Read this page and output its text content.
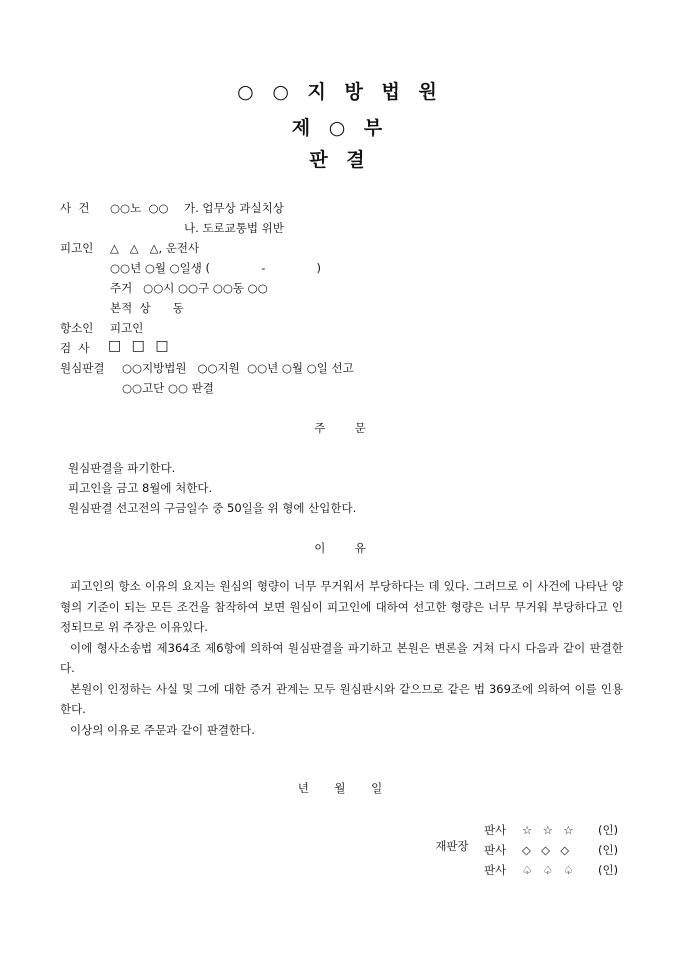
○ ○ 지 방 법 원
제 ○ 부
판 결
사  건 ○○노  ○○ 가. 업무상 과실치상
나. 도로교통법 위반
피고인 △   △   △, 운전사
○○년 ○월 ○일생 (              -              )
주거   ○○시 ○○구 ○○동 ○○
본적  상      동
항소인 피고인
검  사 □ □ □
원심판결 ○○지방법원   ○○지원  ○○년 ○월 ○일 선고
○○고단 ○○ 판결
주        문
원심판결을 파기한다.
피고인을 금고 8월에 처한다.
원심판결 선고전의 구금일수 중 50일을 위 형에 산입한다.
이        유

피고인의 항소 이유의 요지는 원심의 형량이 너무 무거워서 부당하다는 데 있다. 그러므로 이 사건에 나타난 양형의 기준이 되는 모든 조건을 참작하여 보면 원심이 피고인에 대하여 선고한 형량은 너무 무거워 부당하다고 인정되므로 위 주장은 이유있다.

이에 형사소송법 제364조 제6항에 의하여 원심판결을 파기하고 본원은 변론을 거쳐 다시 다음과 같이 판결한다.

본원이 인정하는 사실 및 그에 대한 증거 관계는 모두 원심판시와 같으므로 같은 법 369조에 의하여 이를 인용한다.

이상의 이유로 주문과 같이 판결한다.

년       월       일

재판장

판사 ☆  ☆  ☆ (인)
판사 ◇  ◇  ◇ (인)
판사 ♤  ♤  ♤ (인)
